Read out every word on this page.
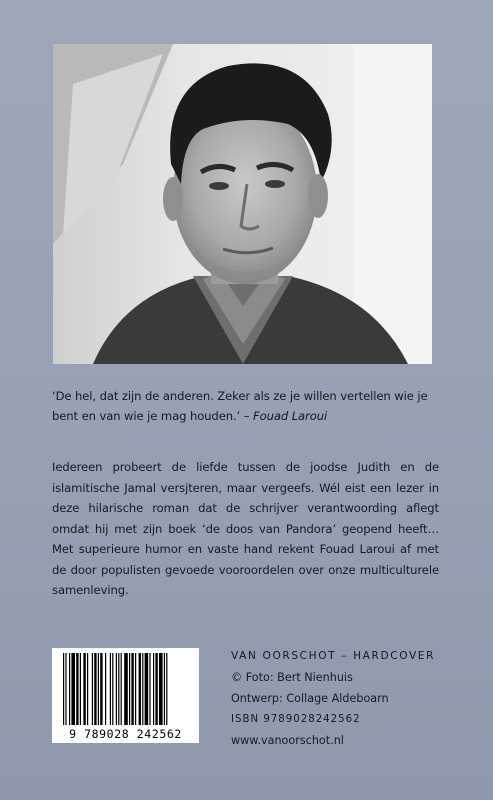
‘De hel, dat zijn de anderen. Zeker als ze je willen vertellen wie je bent en van wie je mag houden.’ – Fouad Laroui
Iedereen probeert de liefde tussen de joodse Judith en de islamitische Jamal versjteren, maar vergeefs. Wél eist een lezer in deze hilarische roman dat de schrijver verantwoording aflegt omdat hij met zijn boek ‘de doos van Pandora’ geopend heeft… Met superieure humor en vaste hand rekent Fouad Laroui af met de door populisten gevoede vooroordelen over onze multiculturele samenleving.
9 789028 242562
VAN OORSCHOT – HARDCOVER
© Foto: Bert Nienhuis
Ontwerp: Collage Aldeboarn
ISBN 9789028242562
www.vanoorschot.nl
